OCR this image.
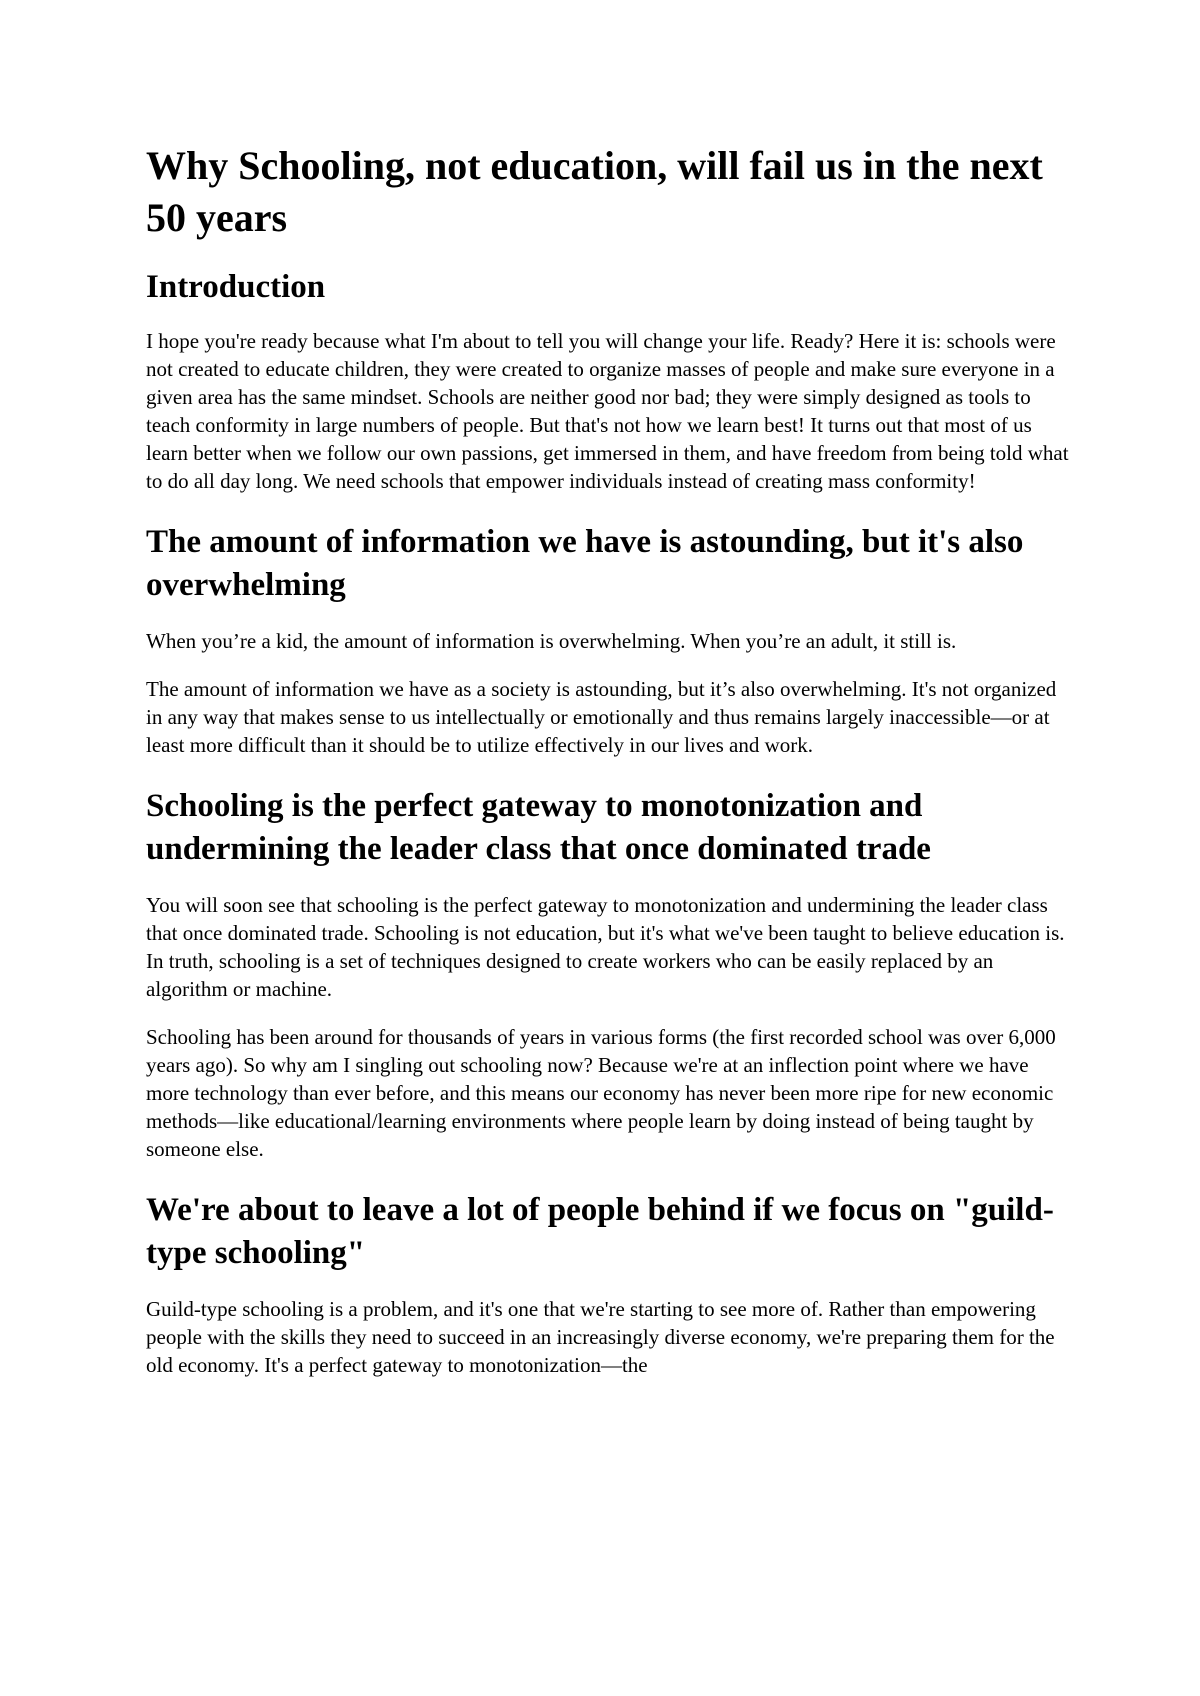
Why Schooling, not education, will fail us in the next 50 years
Introduction

I hope you're ready because what I'm about to tell you will change your life. Ready? Here it is: schools were not created to educate children, they were created to organize masses of people and make sure everyone in a given area has the same mindset. Schools are neither good nor bad; they were simply designed as tools to teach conformity in large numbers of people. But that's not how we learn best! It turns out that most of us learn better when we follow our own passions, get immersed in them, and have freedom from being told what to do all day long. We need schools that empower individuals instead of creating mass conformity!

The amount of information we have is astounding, but it's also overwhelming

When you’re a kid, the amount of information is overwhelming. When you’re an adult, it still is.

The amount of information we have as a society is astounding, but it’s also overwhelming. It's not organized in any way that makes sense to us intellectually or emotionally and thus remains largely inaccessible—or at least more difficult than it should be to utilize effectively in our lives and work.

Schooling is the perfect gateway to monotonization and undermining the leader class that once dominated trade

You will soon see that schooling is the perfect gateway to monotonization and undermining the leader class that once dominated trade. Schooling is not education, but it's what we've been taught to believe education is. In truth, schooling is a set of techniques designed to create workers who can be easily replaced by an algorithm or machine.

Schooling has been around for thousands of years in various forms (the first recorded school was over 6,000 years ago). So why am I singling out schooling now? Because we're at an inflection point where we have more technology than ever before, and this means our economy has never been more ripe for new economic methods—like educational/learning environments where people learn by doing instead of being taught by someone else.

We're about to leave a lot of people behind if we focus on "guild-type schooling"

Guild-type schooling is a problem, and it's one that we're starting to see more of. Rather than empowering people with the skills they need to succeed in an increasingly diverse economy, we're preparing them for the old economy. It's a perfect gateway to monotonization—the
